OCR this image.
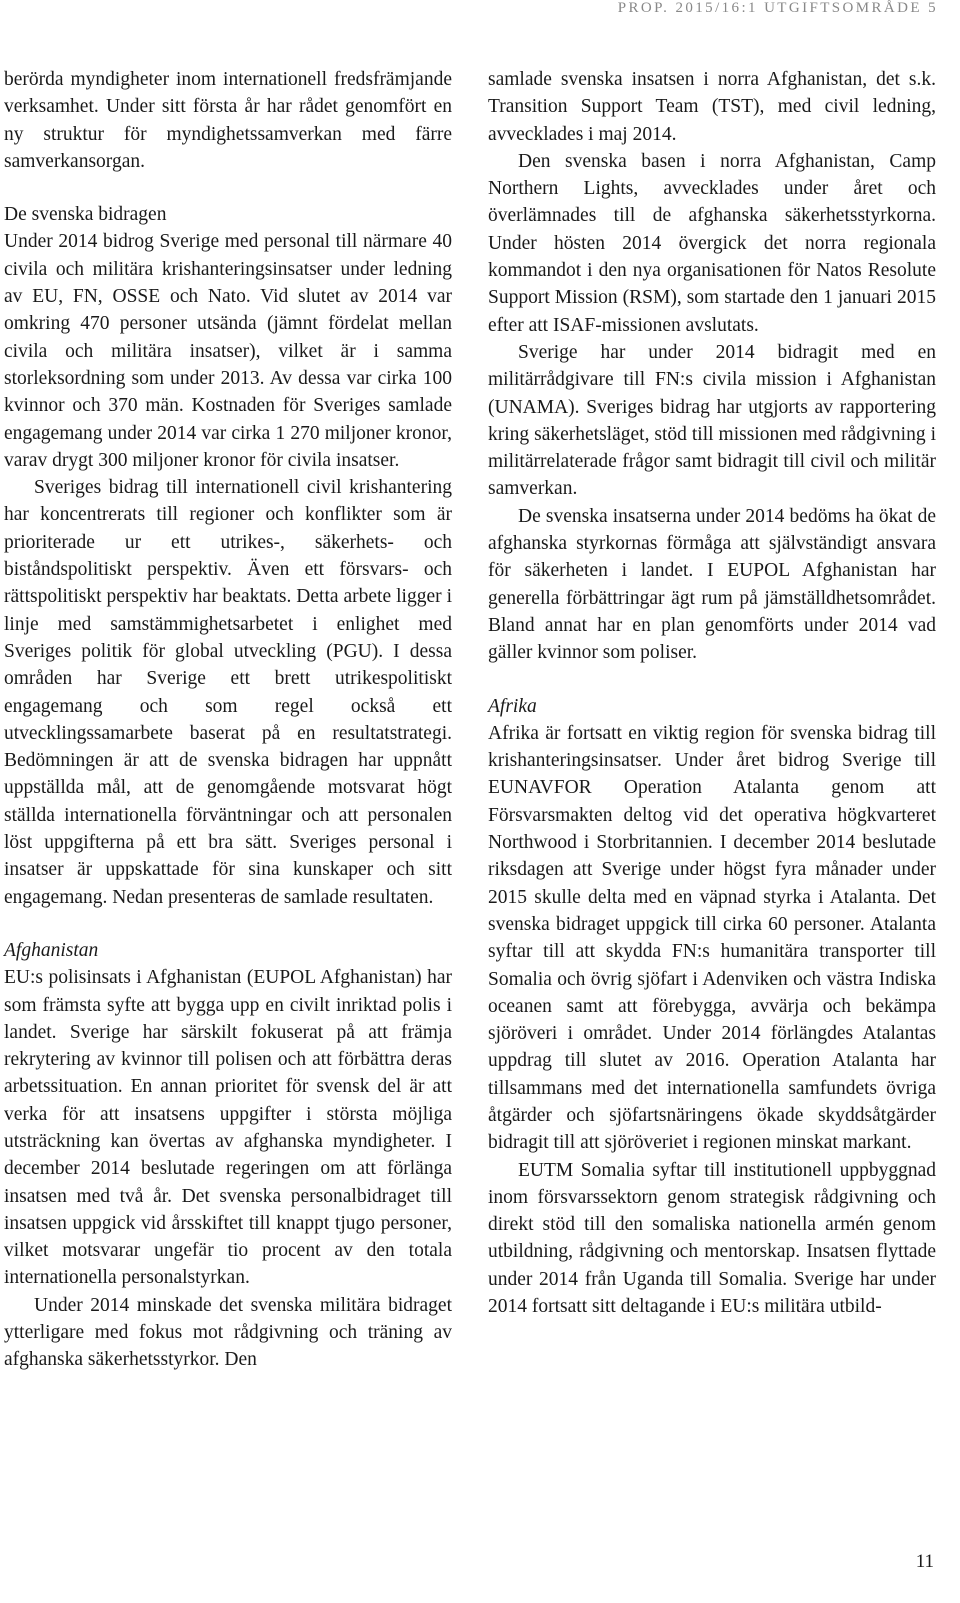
PROP. 2015/16:1 UTGIFTSOMRÅDE 5

berörda myndigheter inom internationell fredsfrämjande verksamhet. Under sitt första år har rådet genomfört en ny struktur för myndighetssamverkan med färre samverkansorgan.

De svenska bidragen

Under 2014 bidrog Sverige med personal till närmare 40 civila och militära krishanteringsinsatser under ledning av EU, FN, OSSE och Nato. Vid slutet av 2014 var omkring 470 personer utsända (jämnt fördelat mellan civila och militära insatser), vilket är i samma storleksordning som under 2013. Av dessa var cirka 100 kvinnor och 370 män. Kostnaden för Sveriges samlade engagemang under 2014 var cirka 1 270 miljoner kronor, varav drygt 300 miljoner kronor för civila insatser.

Sveriges bidrag till internationell civil krishantering har koncentrerats till regioner och konflikter som är prioriterade ur ett utrikes-, säkerhets- och biståndspolitiskt perspektiv. Även ett försvars- och rättspolitiskt perspektiv har beaktats. Detta arbete ligger i linje med samstämmighetsarbetet i enlighet med Sveriges politik för global utveckling (PGU). I dessa områden har Sverige ett brett utrikespolitiskt engagemang och som regel också ett utvecklingssamarbete baserat på en resultatstrategi. Bedömningen är att de svenska bidragen har uppnått uppställda mål, att de genomgående motsvarat högt ställda internationella förväntningar och att personalen löst uppgifterna på ett bra sätt. Sveriges personal i insatser är uppskattade för sina kunskaper och sitt engagemang. Nedan presenteras de samlade resultaten.

Afghanistan

EU:s polisinsats i Afghanistan (EUPOL Afghanistan) har som främsta syfte att bygga upp en civilt inriktad polis i landet. Sverige har särskilt fokuserat på att främja rekrytering av kvinnor till polisen och att förbättra deras arbetssituation. En annan prioritet för svensk del är att verka för att insatsens uppgifter i största möjliga utsträckning kan övertas av afghanska myndigheter. I december 2014 beslutade regeringen om att förlänga insatsen med två år. Det svenska personalbidraget till insatsen uppgick vid årsskiftet till knappt tjugo personer, vilket motsvarar ungefär tio procent av den totala internationella personalstyrkan.

Under 2014 minskade det svenska militära bidraget ytterligare med fokus mot rådgivning och träning av afghanska säkerhetsstyrkor. Den

samlade svenska insatsen i norra Afghanistan, det s.k. Transition Support Team (TST), med civil ledning, avvecklades i maj 2014.

Den svenska basen i norra Afghanistan, Camp Northern Lights, avvecklades under året och överlämnades till de afghanska säkerhetsstyrkorna. Under hösten 2014 övergick det norra regionala kommandot i den nya organisationen för Natos Resolute Support Mission (RSM), som startade den 1 januari 2015 efter att ISAF-missionen avslutats.

Sverige har under 2014 bidragit med en militärrådgivare till FN:s civila mission i Afghanistan (UNAMA). Sveriges bidrag har utgjorts av rapportering kring säkerhetsläget, stöd till missionen med rådgivning i militärrelaterade frågor samt bidragit till civil och militär samverkan.

De svenska insatserna under 2014 bedöms ha ökat de afghanska styrkornas förmåga att självständigt ansvara för säkerheten i landet. I EUPOL Afghanistan har generella förbättringar ägt rum på jämställdhetsområdet. Bland annat har en plan genomförts under 2014 vad gäller kvinnor som poliser.

Afrika

Afrika är fortsatt en viktig region för svenska bidrag till krishanteringsinsatser. Under året bidrog Sverige till EUNAVFOR Operation Atalanta genom att Försvarsmakten deltog vid det operativa högkvarteret Northwood i Storbritannien. I december 2014 beslutade riksdagen att Sverige under högst fyra månader under 2015 skulle delta med en väpnad styrka i Atalanta. Det svenska bidraget uppgick till cirka 60 personer. Atalanta syftar till att skydda FN:s humanitära transporter till Somalia och övrig sjöfart i Adenviken och västra Indiska oceanen samt att förebygga, avvärja och bekämpa sjöröveri i området. Under 2014 förlängdes Atalantas uppdrag till slutet av 2016. Operation Atalanta har tillsammans med det internationella samfundets övriga åtgärder och sjöfartsnäringens ökade skyddsåtgärder bidragit till att sjöröveriet i regionen minskat markant.

EUTM Somalia syftar till institutionell uppbyggnad inom försvarssektorn genom strategisk rådgivning och direkt stöd till den somaliska nationella armén genom utbildning, rådgivning och mentorskap. Insatsen flyttade under 2014 från Uganda till Somalia. Sverige har under 2014 fortsatt sitt deltagande i EU:s militära utbild-

11
